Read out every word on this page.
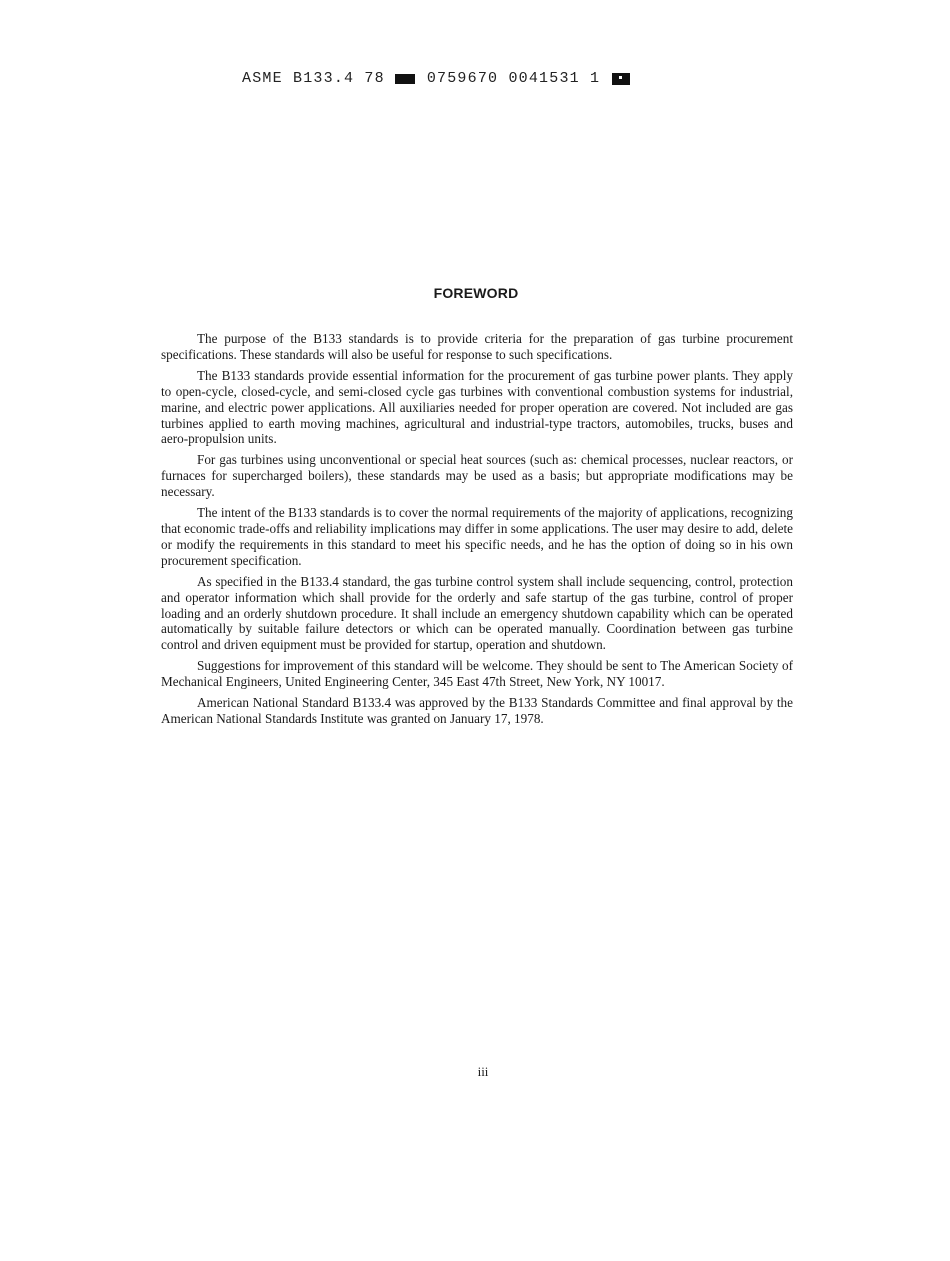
ASME B133.4 78	0759670 0041531 1
FOREWORD

The purpose of the B133 standards is to provide criteria for the preparation of gas turbine procurement specifications. These standards will also be useful for response to such specifications.

The B133 standards provide essential information for the procurement of gas turbine power plants. They apply to open-cycle, closed-cycle, and semi-closed cycle gas turbines with conventional combustion systems for industrial, marine, and electric power applications. All auxiliaries needed for proper operation are covered. Not included are gas turbines applied to earth moving machines, agricultural and industrial-type tractors, automobiles, trucks, buses and aero-propulsion units.

For gas turbines using unconventional or special heat sources (such as: chemical processes, nuclear reactors, or furnaces for supercharged boilers), these standards may be used as a basis; but appropriate modifications may be necessary.

The intent of the B133 standards is to cover the normal requirements of the majority of applications, recognizing that economic trade-offs and reliability implications may differ in some applications. The user may desire to add, delete or modify the requirements in this standard to meet his specific needs, and he has the option of doing so in his own procurement specification.

As specified in the B133.4 standard, the gas turbine control system shall include sequencing, control, protection and operator information which shall provide for the orderly and safe startup of the gas turbine, control of proper loading and an orderly shutdown procedure. It shall include an emergency shutdown capability which can be operated automatically by suitable failure detectors or which can be operated manually. Coordination between gas turbine control and driven equipment must be provided for startup, operation and shutdown.

Suggestions for improvement of this standard will be welcome. They should be sent to The American Society of Mechanical Engineers, United Engineering Center, 345 East 47th Street, New York, NY 10017.

American National Standard B133.4 was approved by the B133 Standards Committee and final approval by the American National Standards Institute was granted on January 17, 1978.

iii
